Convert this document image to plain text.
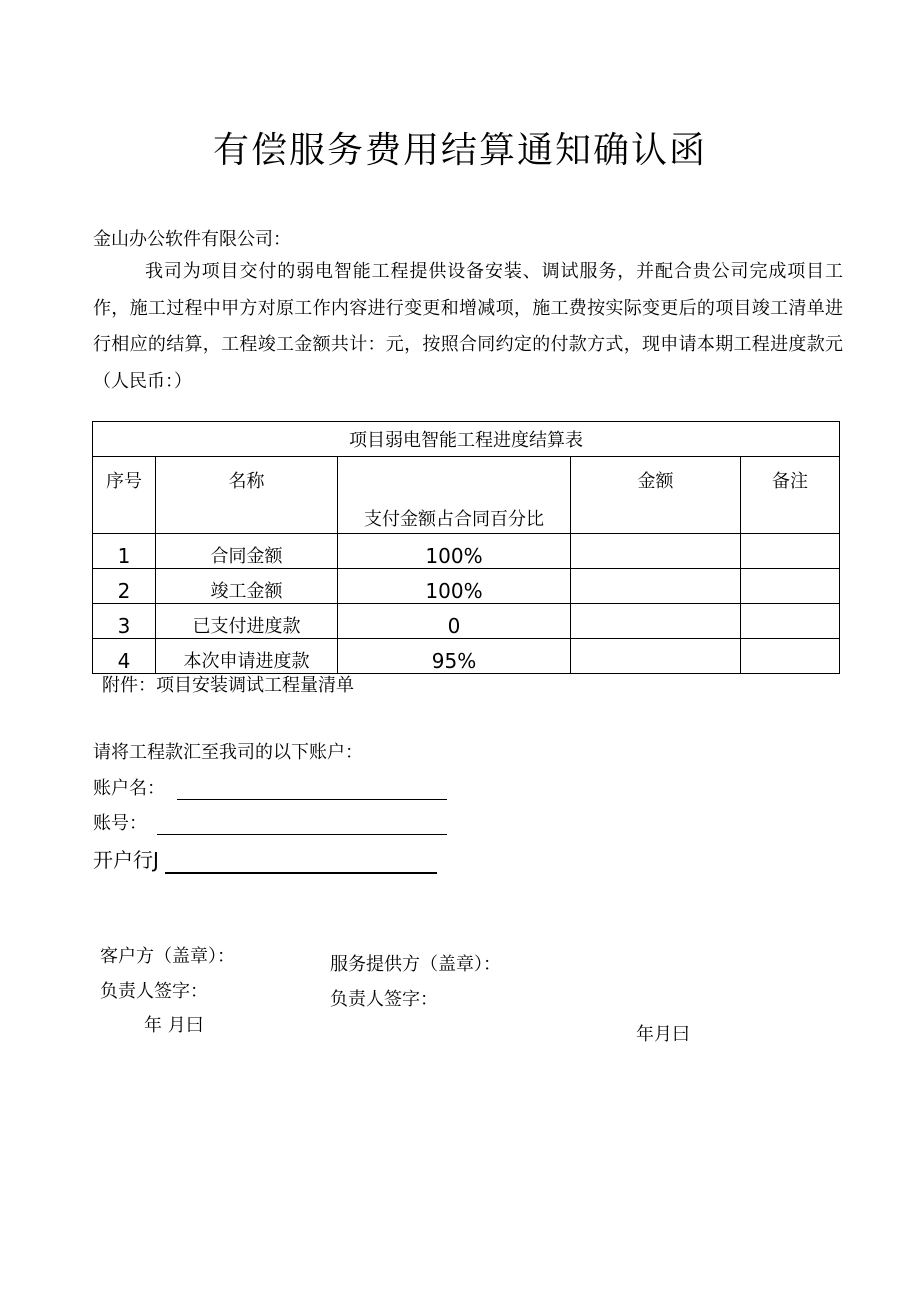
有偿服务费用结算通知确认函
金山办公软件有限公司：
我司为项目交付的弱电智能工程提供设备安装、调试服务，并配合贵公司完成项目工作，施工过程中甲方对原工作内容进行变更和增减项，施工费按实际变更后的项目竣工清单进行相应的结算，工程竣工金额共计：元，按照合同约定的付款方式，现申请本期工程进度款元（人民币：）
项目弱电智能工程进度结算表				
序号	名称	支付金额占合同百分比	金额	备注
1	合同金额	100%		
2	竣工金额	100%		
3	已支付进度款	0		
4	本次申请进度款	95%		
附件：项目安装调试工程量清单
请将工程款汇至我司的以下账户：
账户名：
账号：
开户行J
客户方（盖章）：
负责人签字：
年 月曰
服务提供方（盖章）：
负责人签字：
年月曰
